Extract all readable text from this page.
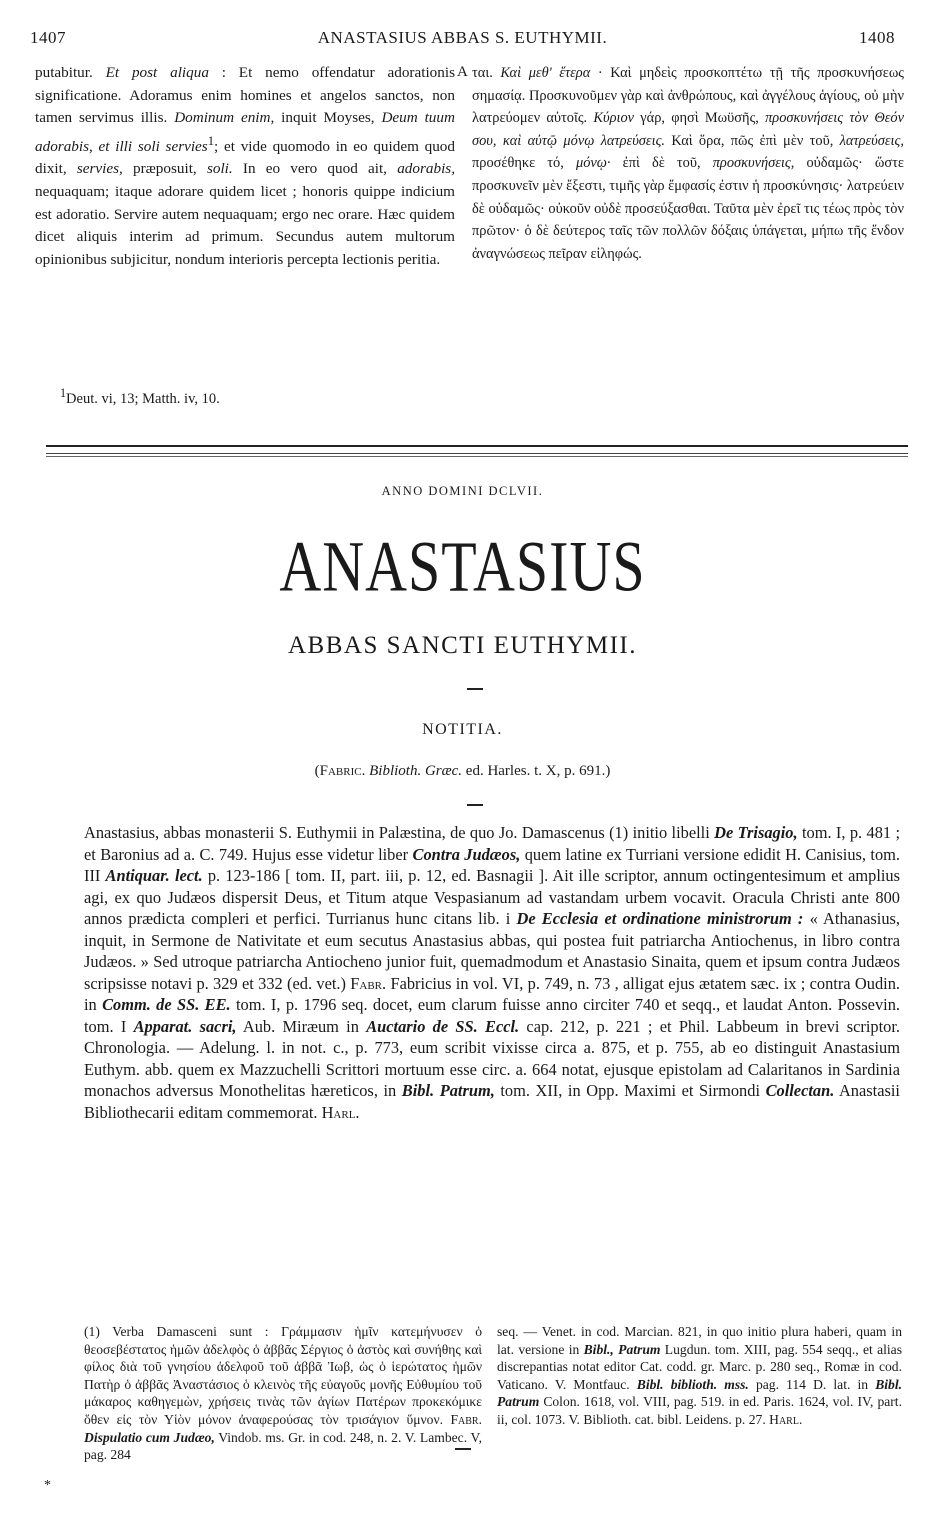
1407	ANASTASIUS ABBAS S. EUTHYMII.	1408

putabitur. Et post aliqua : Et nemo offendatur adorationis significatione. Adoramus enim homines et angelos sanctos, non tamen servimus illis. Dominum enim, inquit Moyses, Deum tuum adorabis, et illi soli servies$^1$; et vide quomodo in eo quidem quod dixit, servies, præposuit, soli. In eo vero quod ait, adorabis, nequaquam; itaque adorare quidem licet ; honoris quippe indicium est adoratio. Servire autem nequaquam; ergo nec orare. Hæc quidem dicet aliquis interim ad primum. Secundus autem multorum opinionibus subjicitur, nondum interioris percepta lectionis peritia.

A ται. Καὶ μεθ' ἕτερα · Καὶ μηδεὶς προσκοπτέτω τῇ τῆς προσκυνήσεως σημασίᾳ. Προσκυνοῦμεν γὰρ καὶ ἀνθρώπους, καὶ ἀγγέλους ἁγίους, οὐ μὴν λατρεύομεν αὐτοῖς. Κύριον γάρ, φησὶ Μωϋσῆς, προσκυνήσεις τὸν Θεόν σου, καὶ αὐτῷ μόνῳ λατρεύσεις. Καὶ ὅρα, πῶς ἐπὶ μὲν τοῦ, λατρεύσεις, προσέθηκε τό, μόνῳ· ἐπὶ δὲ τοῦ, προσκυνήσεις, οὐδαμῶς· ὥστε προσκυνεῖν μὲν ἔξεστι, τιμῆς γὰρ ἔμφασίς ἐστιν ἡ προσκύνησις· λατρεύειν δὲ οὐδαμῶς· οὐκοῦν οὐδὲ προσεύξασθαι. Ταῦτα μὲν ἐρεῖ τις τέως πρὸς τὸν πρῶτον· ὁ δὲ δεύτερος ταῖς τῶν πολλῶν δόξαις ὑπάγεται, μήπω τῆς ἔνδον ἀναγνώσεως πεῖραν εἰληφώς.

$^1$Deut. vi, 13; Matth. iv, 10.
ANNO DOMINI DCLVII.
ANASTASIUS
ABBAS SANCTI EUTHYMII.
NOTITIA.
(Fabric. Biblioth. Græc. ed. Harles. t. X, p. 691.)

Anastasius, abbas monasterii S. Euthymii in Palæstina, de quo Jo. Damascenus (1) initio libelli De Trisagio, tom. I, p. 481 ; et Baronius ad a. C. 749. Hujus esse videtur liber Contra Judæos, quem latine ex Turriani versione edidit H. Canisius, tom. III Antiquar. lect. p. 123-186 [ tom. II, part. iii, p. 12, ed. Basnagii ]. Ait ille scriptor, annum octingentesimum et amplius agi, ex quo Judæos dispersit Deus, et Titum atque Vespasianum ad vastandam urbem vocavit. Oracula Christi ante 800 annos prædicta compleri et perfici. Turrianus hunc citans lib. i De Ecclesia et ordinatione ministrorum : « Athanasius, inquit, in Sermone de Nativitate et eum secutus Anastasius abbas, qui postea fuit patriarcha Antiochenus, in libro contra Judæos. » Sed utroque patriarcha Antiocheno junior fuit, quemadmodum et Anastasio Sinaita, quem et ipsum contra Judæos scripsisse notavi p. 329 et 332 (ed. vet.) Fabr. Fabricius in vol. VI, p. 749, n. 73 , alligat ejus ætatem sæc. ix ; contra Oudin. in Comm. de SS. EE. tom. I, p. 1796 seq. docet, eum clarum fuisse anno circiter 740 et seqq., et laudat Anton. Possevin. tom. I Apparat. sacri, Aub. Miræum in Auctario de SS. Eccl. cap. 212, p. 221 ; et Phil. Labbeum in brevi scriptor. Chronologia. — Adelung. l. in not. c., p. 773, eum scribit vixisse circa a. 875, et p. 755, ab eo distinguit Anastasium Euthym. abb. quem ex Mazzuchelli Scrittori mortuum esse circ. a. 664 notat, ejusque epistolam ad Calaritanos in Sardinia monachos adversus Monothelitas hæreticos, in Bibl. Patrum, tom. XII, in Opp. Maximi et Sirmondi Collectan. Anastasii Bibliothecarii editam commemorat. Harl.

(1) Verba Damasceni sunt : Γράμμασιν ἡμῖν κατεμήνυσεν ὁ θεοσεβέστατος ἡμῶν ἀδελφὸς ὁ ἀββᾶς Σέργιος ὁ ἀστὸς καὶ συνήθης καὶ φίλος διὰ τοῦ γνησίου ἀδελφοῦ τοῦ ἀββᾶ Ἰωβ, ὡς ὁ ἱερώτατος ἡμῶν Πατὴρ ὁ ἀββᾶς Ἀναστάσιος ὁ κλεινὸς τῆς εὐαγοῦς μονῆς Εὐθυμίου τοῦ μάκαρος καθηγεμὼν, χρήσεις τινὰς τῶν ἁγίων Πατέρων προκεκόμικε ὅθεν εἰς τὸν Υἱὸν μόνον ἀναφερούσας τὸν τρισάγιον ὕμνον. Fabr. Dispulatio cum Judæo, Vindob. ms. Gr. in cod. 248, n. 2. V. Lambec. V, pag. 284

seq. — Venet. in cod. Marcian. 821, in quo initio plura haberi, quam in lat. versione in Bibl., Patrum Lugdun. tom. XIII, pag. 554 seqq., et alias discrepantias notat editor Cat. codd. gr. Marc. p. 280 seq., Romæ in cod. Vaticano. V. Montfauc. Bibl. biblioth. mss. pag. 114 D. lat. in Bibl. Patrum Colon. 1618, vol. VIII, pag. 519. in ed. Paris. 1624, vol. IV, part. ii, col. 1073. V. Biblioth. cat. bibl. Leidens. p. 27. Harl.

*
